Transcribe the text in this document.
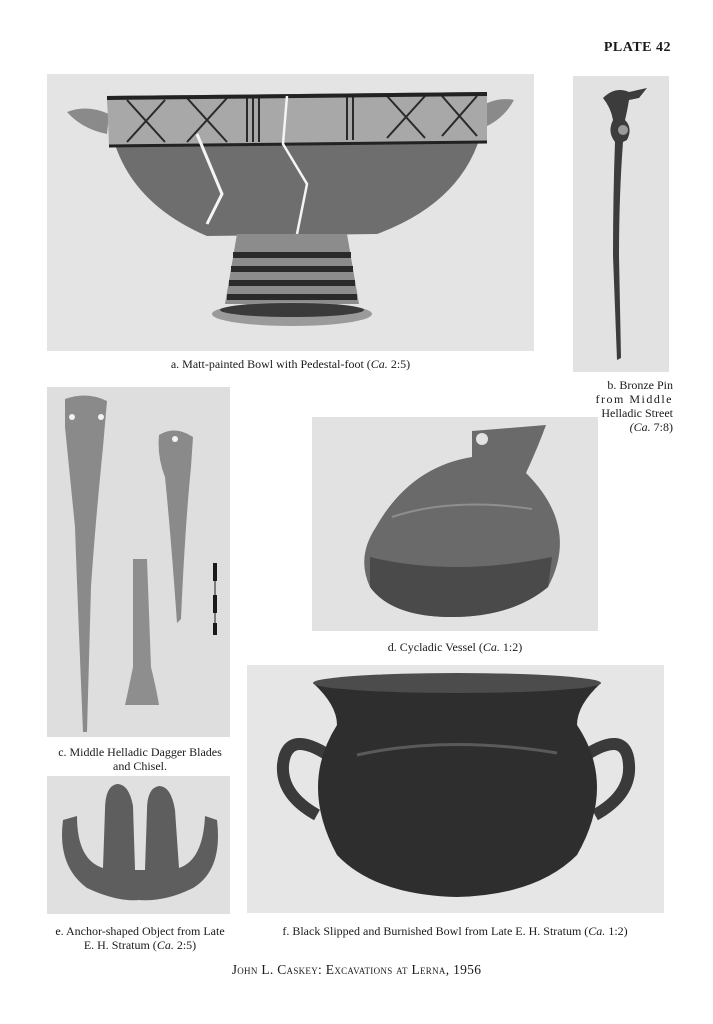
PLATE 42
a. Matt-painted Bowl with Pedestal-foot (Ca. 2:5)
b. Bronze Pin
from Middle
Helladic Street
(Ca. 7:8)
c. Middle Helladic Dagger Blades
and Chisel.
d. Cycladic Vessel (Ca. 1:2)
e. Anchor-shaped Object from Late
E. H. Stratum (Ca. 2:5)
f. Black Slipped and Burnished Bowl from Late E. H. Stratum (Ca. 1:2)
John L. Caskey: Excavations at Lerna, 1956
